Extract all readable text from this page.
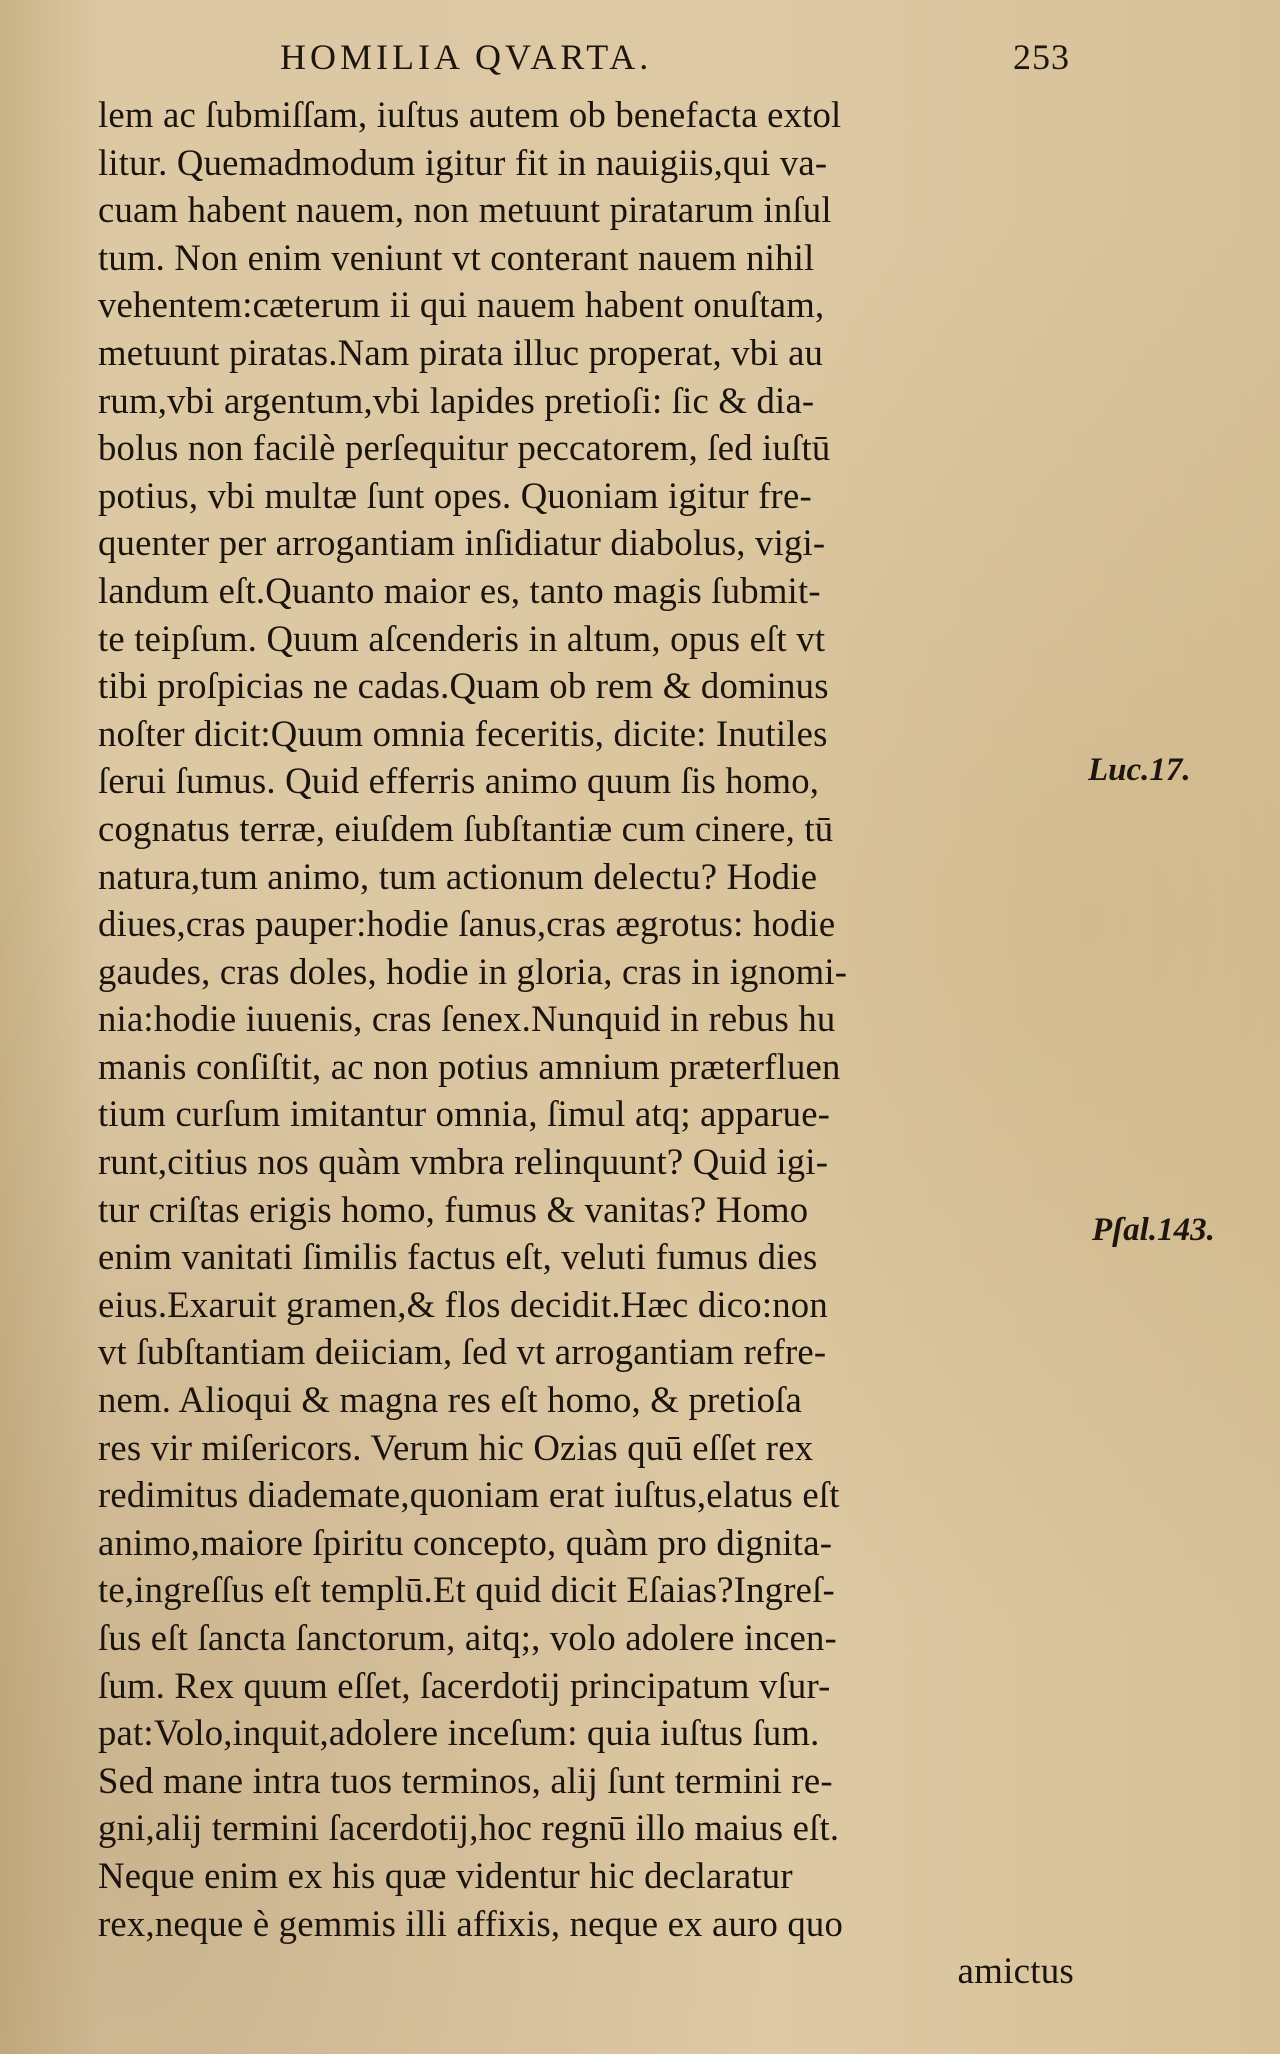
HOMILIA QVARTA.	253
lem ac ſubmiſſam, iuſtus autem ob benefacta extol
litur. Quemadmodum igitur fit in nauigiis,qui va-
cuam habent nauem, non metuunt piratarum inſul
tum. Non enim veniunt vt conterant nauem nihil
vehentem:cæterum ii qui nauem habent onuſtam,
metuunt piratas.Nam pirata illuc properat, vbi au
rum,vbi argentum,vbi lapides pretioſi: ſic & dia-
bolus non facilè perſequitur peccatorem, ſed iuſtū
potius, vbi multæ ſunt opes. Quoniam igitur fre-
quenter per arrogantiam inſidiatur diabolus, vigi-
landum eſt.Quanto maior es, tanto magis ſubmit-
te teipſum. Quum aſcenderis in altum, opus eſt vt
tibi proſpicias ne cadas.Quam ob rem & dominus
noſter dicit:Quum omnia feceritis, dicite: Inutiles
ſerui ſumus. Quid efferris animo quum ſis homo,
cognatus terræ, eiuſdem ſubſtantiæ cum cinere, tū
natura,tum animo, tum actionum delectu? Hodie
diues,cras pauper:hodie ſanus,cras ægrotus: hodie
gaudes, cras doles, hodie in gloria, cras in ignomi-
nia:hodie iuuenis, cras ſenex.Nunquid in rebus hu
manis conſiſtit, ac non potius amnium præterfluen
tium curſum imitantur omnia, ſimul atq; apparue-
runt,citius nos quàm vmbra relinquunt? Quid igi-
tur criſtas erigis homo, fumus & vanitas? Homo
enim vanitati ſimilis factus eſt, veluti fumus dies
eius.Exaruit gramen,& flos decidit.Hæc dico:non
vt ſubſtantiam deiiciam, ſed vt arrogantiam refre-
nem. Alioqui & magna res eſt homo, & pretioſa
res vir miſericors. Verum hic Ozias quū eſſet rex
redimitus diademate,quoniam erat iuſtus,elatus eſt
animo,maiore ſpiritu concepto, quàm pro dignita-
te,ingreſſus eſt templū.Et quid dicit Eſaias?Ingreſ-
ſus eſt ſancta ſanctorum, aitq;, volo adolere incen-
ſum. Rex quum eſſet, ſacerdotij principatum vſur-
pat:Volo,inquit,adolere inceſum: quia iuſtus ſum.
Sed mane intra tuos terminos, alij ſunt termini re-
gni,alij termini ſacerdotij,hoc regnū illo maius eſt.
Neque enim ex his quæ videntur hic declaratur
rex,neque è gemmis illi affixis, neque ex auro quo
amictus
Luc.17.
Pſal.143.
